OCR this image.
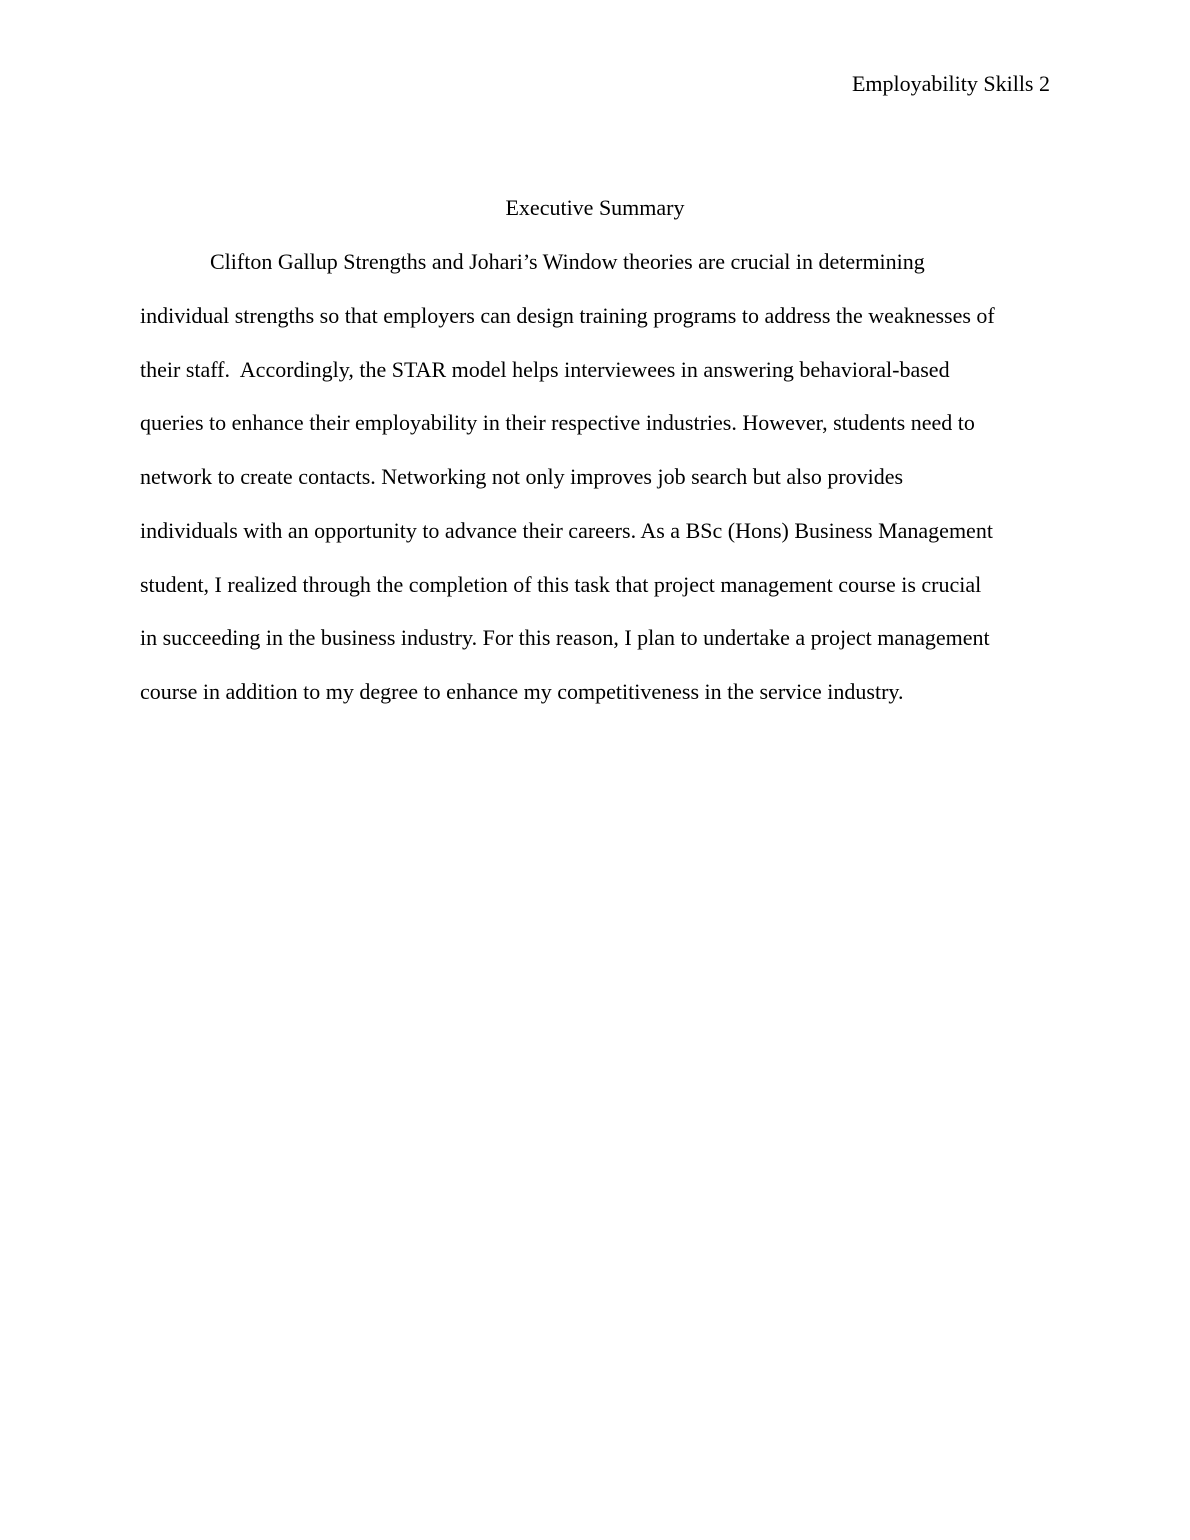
Employability Skills 2
Executive Summary
Clifton Gallup Strengths and Johari’s Window theories are crucial in determining
individual strengths so that employers can design training programs to address the weaknesses of
their staff.  Accordingly, the STAR model helps interviewees in answering behavioral-based
queries to enhance their employability in their respective industries. However, students need to
network to create contacts. Networking not only improves job search but also provides
individuals with an opportunity to advance their careers. As a BSc (Hons) Business Management
student, I realized through the completion of this task that project management course is crucial
in succeeding in the business industry. For this reason, I plan to undertake a project management
course in addition to my degree to enhance my competitiveness in the service industry.
